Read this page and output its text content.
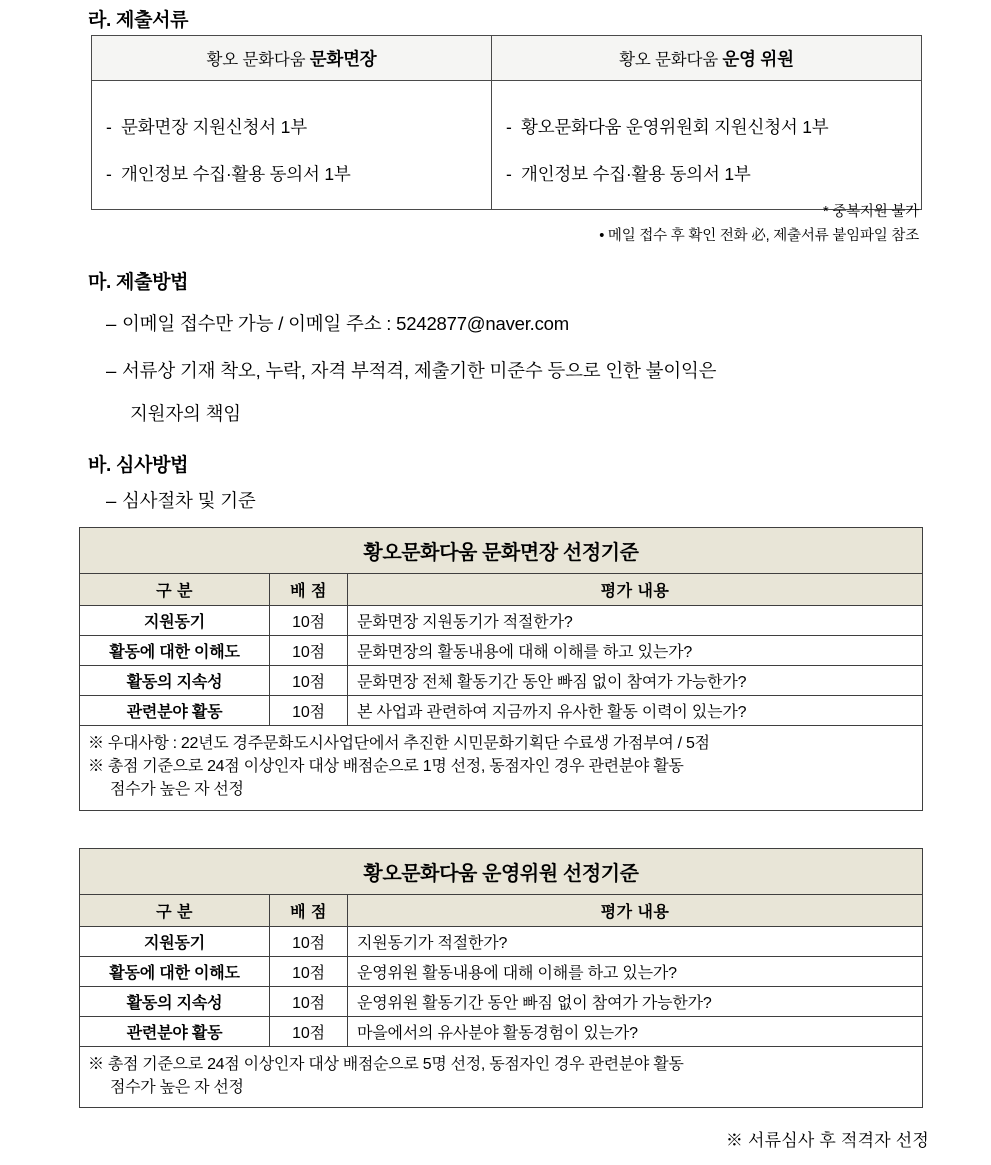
라. 제출서류
황오 문화다움 문화면장	황오 문화다움 운영 위원

- 문화면장 지원신청서 1부
- 개인정보 수집·활용 동의서 1부

- 황오문화다움 운영위원회 지원신청서 1부
- 개인정보 수집·활용 동의서 1부
* 중복지원 불가
• 메일 접수 후 확인 전화 必, 제출서류 붙임파일 참조
마. 제출방법
– 이메일 접수만 가능 / 이메일 주소 : 5242877@naver.com
– 서류상 기재 착오, 누락, 자격 부적격, 제출기한 미준수 등으로 인한 불이익은
지원자의 책임
바. 심사방법
– 심사절차 및 기준
황오문화다움 문화면장 선정기준		
구 분	배 점	평가 내용
지원동기	10점	문화면장 지원동기가 적절한가?
활동에 대한 이해도	10점	문화면장의 활동내용에 대해 이해를 하고 있는가?
활동의 지속성	10점	문화면장 전체 활동기간 동안 빠짐 없이 참여가 가능한가?
관련분야 활동	10점	본 사업과 관련하여 지금까지 유사한 활동 이력이 있는가?

※ 우대사항 : 22년도 경주문화도시사업단에서 추진한 시민문화기획단 수료생 가점부여 / 5점
※ 총점 기준으로 24점 이상인자 대상 배점순으로 1명 선정, 동점자인 경우 관련분야 활동
점수가 높은 자 선정		
황오문화다움 운영위원 선정기준		
구 분	배 점	평가 내용
지원동기	10점	지원동기가 적절한가?
활동에 대한 이해도	10점	운영위원 활동내용에 대해 이해를 하고 있는가?
활동의 지속성	10점	운영위원 활동기간 동안 빠짐 없이 참여가 가능한가?
관련분야 활동	10점	마을에서의 유사분야 활동경험이 있는가?

※ 총점 기준으로 24점 이상인자 대상 배점순으로 5명 선정, 동점자인 경우 관련분야 활동
점수가 높은 자 선정		
※ 서류심사 후 적격자 선정
